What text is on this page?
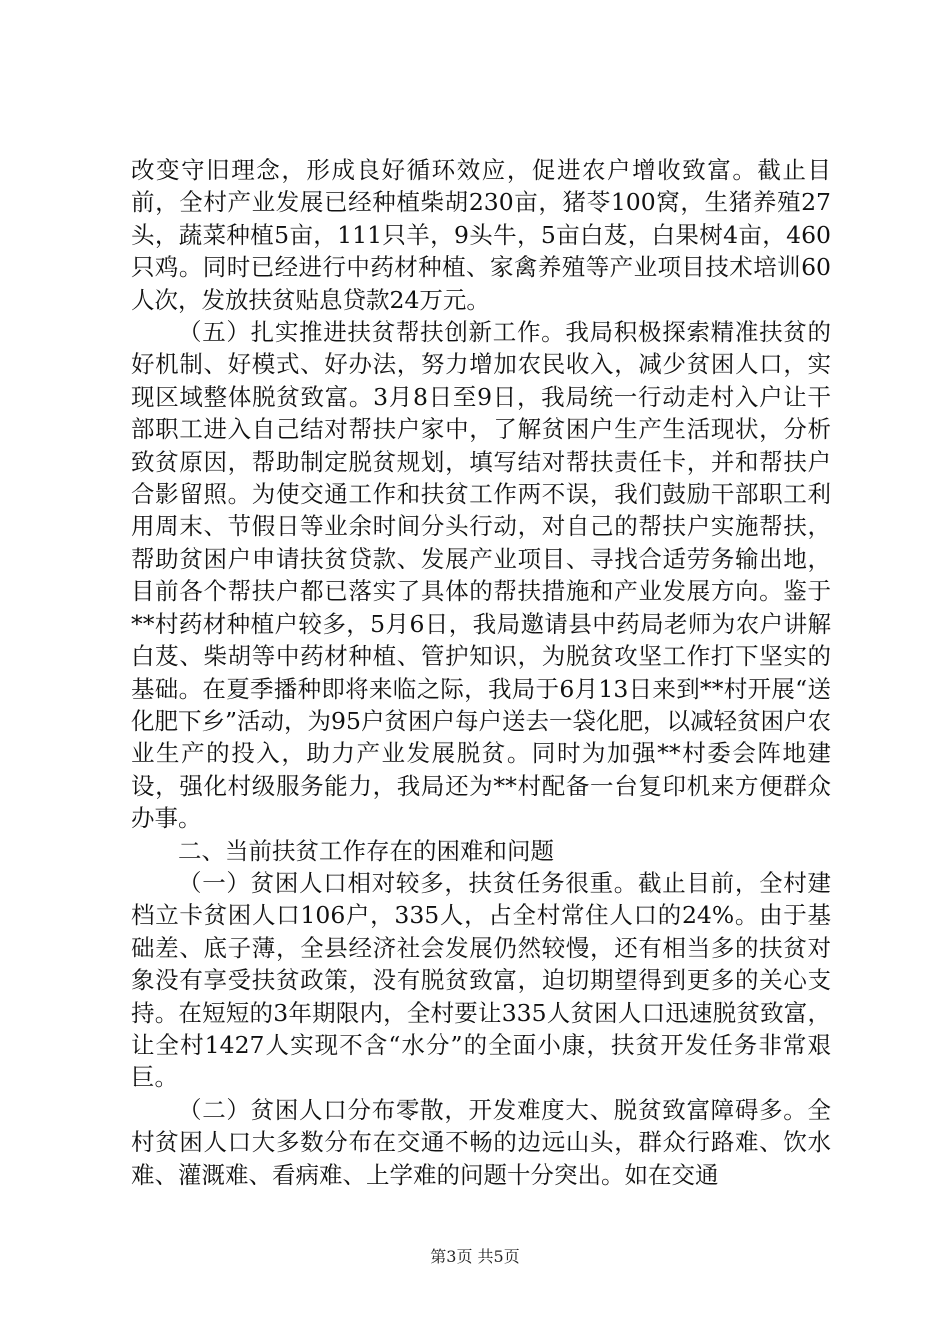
改变守旧理念，形成良好循环效应，促进农户增收致富。截止目前，全村产业发展已经种植柴胡230亩，猪苓100窝，生猪养殖27头，蔬菜种植5亩，111只羊，9头牛，5亩白芨，白果树4亩，460只鸡。同时已经进行中药材种植、家禽养殖等产业项目技术培训60人次，发放扶贫贴息贷款24万元。

（五）扎实推进扶贫帮扶创新工作。我局积极探索精准扶贫的好机制、好模式、好办法，努力增加农民收入，减少贫困人口，实现区域整体脱贫致富。3月8日至9日，我局统一行动走村入户让干部职工进入自己结对帮扶户家中，了解贫困户生产生活现状，分析致贫原因，帮助制定脱贫规划，填写结对帮扶责任卡，并和帮扶户合影留照。为使交通工作和扶贫工作两不误，我们鼓励干部职工利用周末、节假日等业余时间分头行动，对自己的帮扶户实施帮扶，帮助贫困户申请扶贫贷款、发展产业项目、寻找合适劳务输出地，目前各个帮扶户都已落实了具体的帮扶措施和产业发展方向。鉴于**村药材种植户较多，5月6日，我局邀请县中药局老师为农户讲解白芨、柴胡等中药材种植、管护知识，为脱贫攻坚工作打下坚实的基础。在夏季播种即将来临之际，我局于6月13日来到**村开展“送化肥下乡”活动，为95户贫困户每户送去一袋化肥，以减轻贫困户农业生产的投入，助力产业发展脱贫。同时为加强**村委会阵地建设，强化村级服务能力，我局还为**村配备一台复印机来方便群众办事。

二、当前扶贫工作存在的困难和问题

（一）贫困人口相对较多，扶贫任务很重。截止目前，全村建档立卡贫困人口106户，335人，占全村常住人口的24%。由于基础差、底子薄，全县经济社会发展仍然较慢，还有相当多的扶贫对象没有享受扶贫政策，没有脱贫致富，迫切期望得到更多的关心支持。在短短的3年期限内，全村要让335人贫困人口迅速脱贫致富，让全村1427人实现不含“水分”的全面小康，扶贫开发任务非常艰巨。

（二）贫困人口分布零散，开发难度大、脱贫致富障碍多。全村贫困人口大多数分布在交通不畅的边远山头，群众行路难、饮水难、灌溉难、看病难、上学难的问题十分突出。如在交通

第3页 共5页
